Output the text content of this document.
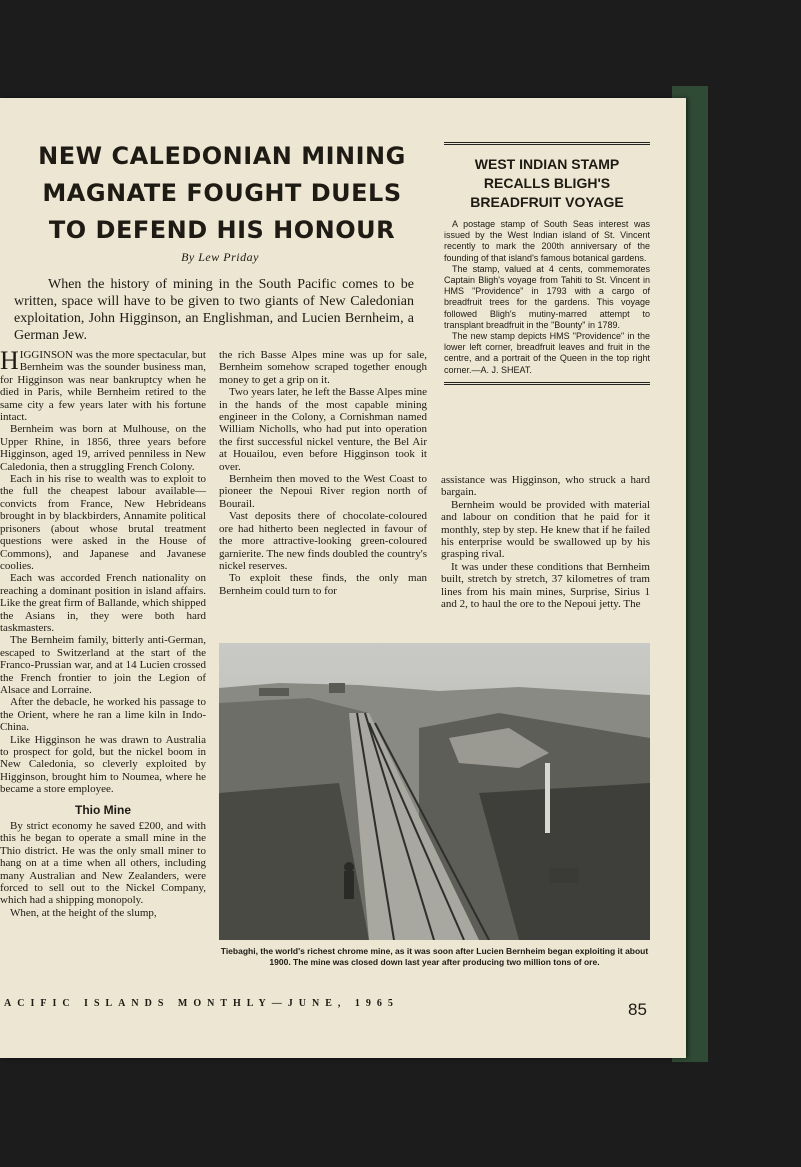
NEW CALEDONIAN MINING MAGNATE FOUGHT DUELS TO DEFEND HIS HONOUR
By Lew Priday

When the history of mining in the South Pacific comes to be written, space will have to be given to two giants of New Caledonian exploitation, John Higginson, an Englishman, and Lucien Bernheim, a German Jew.

HIGGINSON was the more spectacular, but Bernheim was the sounder business man, for Higginson was near bankruptcy when he died in Paris, while Bernheim retired to the same city a few years later with his fortune intact.

Bernheim was born at Mulhouse, on the Upper Rhine, in 1856, three years before Higginson, aged 19, arrived penniless in New Caledonia, then a struggling French Colony.

Each in his rise to wealth was to exploit to the full the cheapest labour available—convicts from France, New Hebrideans brought in by blackbirders, Annamite political prisoners (about whose brutal treatment questions were asked in the House of Commons), and Japanese and Javanese coolies.

Each was accorded French nationality on reaching a dominant position in island affairs. Like the great firm of Ballande, which shipped the Asians in, they were both hard taskmasters.

The Bernheim family, bitterly anti-German, escaped to Switzerland at the start of the Franco-Prussian war, and at 14 Lucien crossed the French frontier to join the Legion of Alsace and Lorraine.

After the debacle, he worked his passage to the Orient, where he ran a lime kiln in Indo-China.

Like Higginson he was drawn to Australia to prospect for gold, but the nickel boom in New Caledonia, so cleverly exploited by Higginson, brought him to Noumea, where he became a store employee.

Thio Mine

By strict economy he saved £200, and with this he began to operate a small mine in the Thio district. He was the only small miner to hang on at a time when all others, including many Australian and New Zealanders, were forced to sell out to the Nickel Company, which had a shipping monopoly.

When, at the height of the slump,

the rich Basse Alpes mine was up for sale, Bernheim somehow scraped together enough money to get a grip on it.

Two years later, he left the Basse Alpes mine in the hands of the most capable mining engineer in the Colony, a Cornishman named William Nicholls, who had put into operation the first successful nickel venture, the Bel Air at Houailou, even before Higginson took it over.

Bernheim then moved to the West Coast to pioneer the Nepoui River region north of Bourail.

Vast deposits there of chocolate-coloured ore had hitherto been neglected in favour of the more attractive-looking green-coloured garnierite. The new finds doubled the country's nickel reserves.

To exploit these finds, the only man Bernheim could turn to for

assistance was Higginson, who struck a hard bargain.

Bernheim would be provided with material and labour on condition that he paid for it monthly, step by step. He knew that if he failed his enterprise would be swallowed up by his grasping rival.

It was under these conditions that Bernheim built, stretch by stretch, 37 kilometres of tram lines from his main mines, Surprise, Sirius 1 and 2, to haul the ore to the Nepoui jetty. The

WEST INDIAN STAMP RECALLS BLIGH'S BREADFRUIT VOYAGE

A postage stamp of South Seas interest was issued by the West Indian island of St. Vincent recently to mark the 200th anniversary of the founding of that island's famous botanical gardens.

The stamp, valued at 4 cents, commemorates Captain Bligh's voyage from Tahiti to St. Vincent in HMS "Providence" in 1793 with a cargo of breadfruit trees for the gardens. This voyage followed Bligh's mutiny-marred attempt to transplant breadfruit in the "Bounty" in 1789.

The new stamp depicts HMS "Providence" in the lower left corner, breadfruit leaves and fruit in the centre, and a portrait of the Queen in the top right corner.—A. J. SHEAT.

Tiebaghi, the world's richest chrome mine, as it was soon after Lucien Bernheim began exploiting it about 1900. The mine was closed down last year after producing two million tons of ore.

ACIFIC ISLANDS MONTHLY—JUNE, 1965	85
